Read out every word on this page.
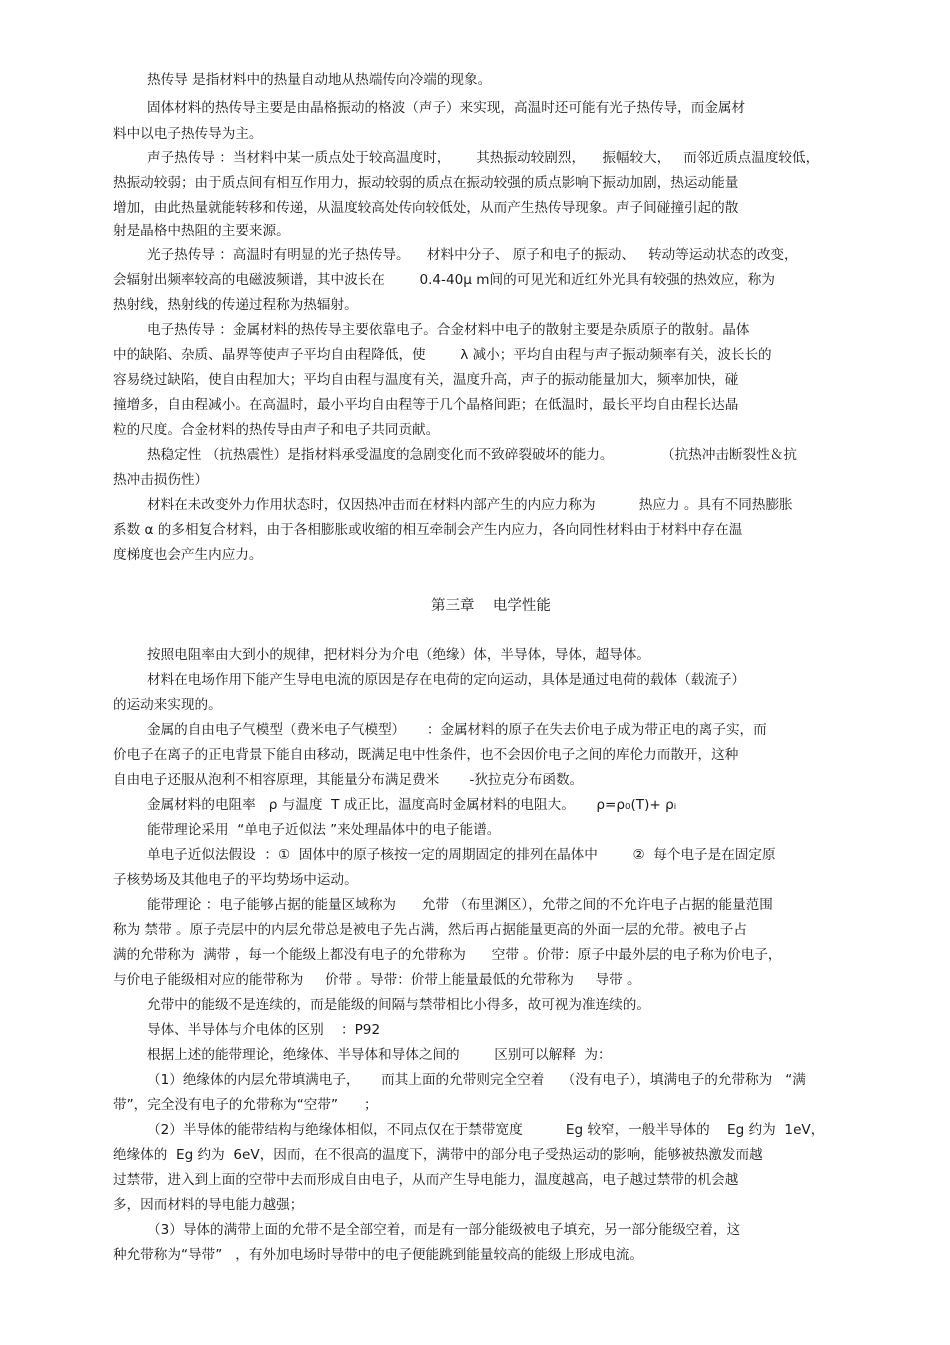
热传导 是指材料中的热量自动地从热端传向冷端的现象。
固体材料的热传导主要是由晶格振动的格波（声子）来实现，高温时还可能有光子热传导，而金属材
料中以电子热传导为主。
声子热传导 ：当材料中某一质点处于较高温度时，      其热振动较剧烈，    振幅较大，   而邻近质点温度较低，
热振动较弱；由于质点间有相互作用力，振动较弱的质点在振动较强的质点影响下振动加剧，热运动能量
增加，由此热量就能转移和传递，从温度较高处传向较低处，从而产生热传导现象。声子间碰撞引起的散
射是晶格中热阻的主要来源。
光子热传导 ：高温时有明显的光子热传导。    材料中分子、 原子和电子的振动、   转动等运动状态的改变，
会辐射出频率较高的电磁波频谱，其中波长在        0.4-40μ m间的可见光和近红外光具有较强的热效应，称为
热射线，热射线的传递过程称为热辐射。
电子热传导 ：金属材料的热传导主要依靠电子。合金材料中电子的散射主要是杂质原子的散射。晶体
中的缺陷、杂质、晶界等使声子平均自由程降低，使        λ 减小；平均自由程与声子振动频率有关，波长长的
容易绕过缺陷，使自由程加大；平均自由程与温度有关，温度升高，声子的振动能量加大，频率加快，碰
撞增多，自由程减小。在高温时，最小平均自由程等于几个晶格间距；在低温时，最长平均自由程长达晶
粒的尺度。合金材料的热传导由声子和电子共同贡献。
热稳定性 （抗热震性）是指材料承受温度的急剧变化而不致碎裂破坏的能力。           （抗热冲击断裂性＆抗
热冲击损伤性）
材料在未改变外力作用状态时，仅因热冲击而在材料内部产生的内应力称为          热应力 。具有不同热膨胀
系数 α 的多相复合材料，由于各相膨胀或收缩的相互牵制会产生内应力，各向同性材料由于材料中存在温
度梯度也会产生内应力。
第三章    电学性能
按照电阻率由大到小的规律，把材料分为介电（绝缘）体，半导体，导体，超导体。
材料在电场作用下能产生导电电流的原因是存在电荷的定向运动，具体是通过电荷的载体（载流子）
的运动来实现的。
金属的自由电子气模型（费米电子气模型）     ：金属材料的原子在失去价电子成为带正电的离子实，而
价电子在离子的正电背景下能自由移动，既满足电中性条件，也不会因价电子之间的库伦力而散开，这种
自由电子还服从泡利不相容原理，其能量分布满足费米       -狄拉克分布函数。
金属材料的电阻率   ρ 与温度  T 成正比，温度高时金属材料的电阻大。     ρ=ρ₀(T)+ ρᵢ
能带理论采用  “单电子近似法 ”来处理晶体中的电子能谱。
单电子近似法假设  ：①  固体中的原子核按一定的周期固定的排列在晶体中        ②  每个电子是在固定原
子核势场及其他电子的平均势场中运动。
能带理论 ：电子能够占据的能量区域称为      允带 （布里渊区），允带之间的不允许电子占据的能量范围
称为 禁带 。原子壳层中的内层允带总是被电子先占满，然后再占据能量更高的外面一层的允带。被电子占
满的允带称为  满带 ，每一个能级上都没有电子的允带称为      空带 。价带：原子中最外层的电子称为价电子，
与价电子能级相对应的能带称为     价带 。导带：价带上能量最低的允带称为     导带 。
允带中的能级不是连续的，而是能级的间隔与禁带相比小得多，故可视为准连续的。
导体、半导体与介电体的区别    ：P92
根据上述的能带理论，绝缘体、半导体和导体之间的        区别可以解释  为：
（1）绝缘体的内层允带填满电子，     而其上面的允带则完全空着    （没有电子），填满电子的允带称为   “满
带”，完全没有电子的允带称为“空带”      ；
（2）半导体的能带结构与绝缘体相似，不同点仅在于禁带宽度          Eg 较窄，一般半导体的    Eg 约为  1eV，
绝缘体的  Eg 约为  6eV，因而，在不很高的温度下，满带中的部分电子受热运动的影响，能够被热激发而越
过禁带，进入到上面的空带中去而形成自由电子，从而产生导电能力，温度越高，电子越过禁带的机会越
多，因而材料的导电能力越强；
（3）导体的满带上面的允带不是全部空着，而是有一部分能级被电子填充，另一部分能级空着，这
种允带称为“导带”   ，有外加电场时导带中的电子便能跳到能量较高的能级上形成电流。
